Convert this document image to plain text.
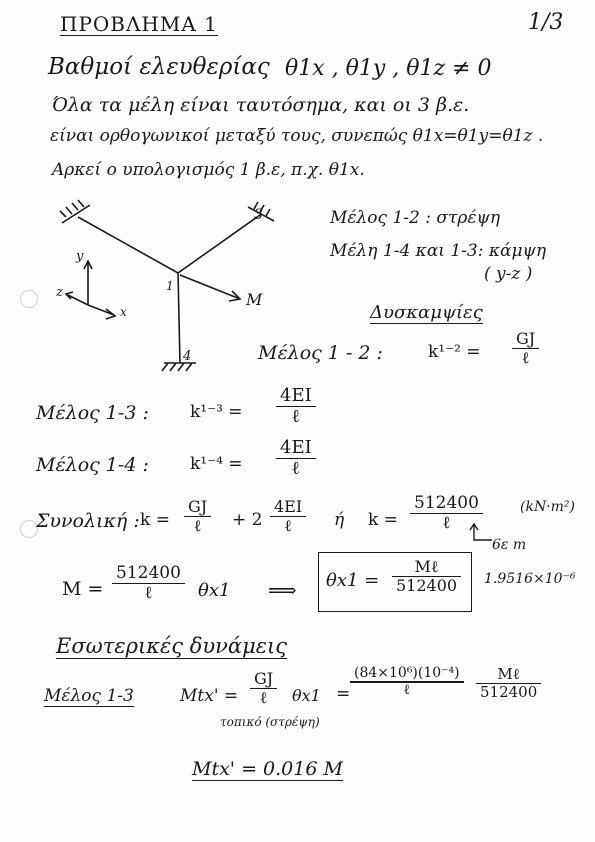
ΠΡΟΒΛΗΜΑ 1	1/3
Βαθμοί ελευθερίας θ1x , θ1y , θ1z ≠ 0
Όλα τα μέλη είναι ταυτόσημα, και οι 3 β.ε.
είναι ορθογωνικοί μεταξύ τους, συνεπώς θ1x=θ1y=θ1z .
Αρκεί ο υπολογισμός 1 β.ε, π.χ. θ1x.
1
3
4
M
y
z
x
Μέλος 1-2 : στρέψη
Μέλη 1-4 και 1-3: κάμψη
( y-z )
Δυσκαμψίες
Μέλος 1 - 2 :	k¹⁻² =
GJ
ℓ
Μέλος 1-3 : k¹⁻³ =
4EI
ℓ
Μέλος 1-4 : k¹⁻⁴ =
4EI
ℓ
Συνολική : k =
GJ
ℓ + 2
4EI
ℓ ή k =
512400
ℓ
(kN·m²)
6ε m
M =
512400
ℓ	θx1 ⟹ θx1 =
Mℓ
512400 1.9516×10⁻⁶
Εσωτερικές δυνάμεις
Μέλος 1-3	Mtx' =
GJ
ℓ θx1 =
(84×10⁶)(10⁻⁴)
ℓ
Mℓ
512400
τοπικό (στρέψη)
Mtx' = 0.016 M
